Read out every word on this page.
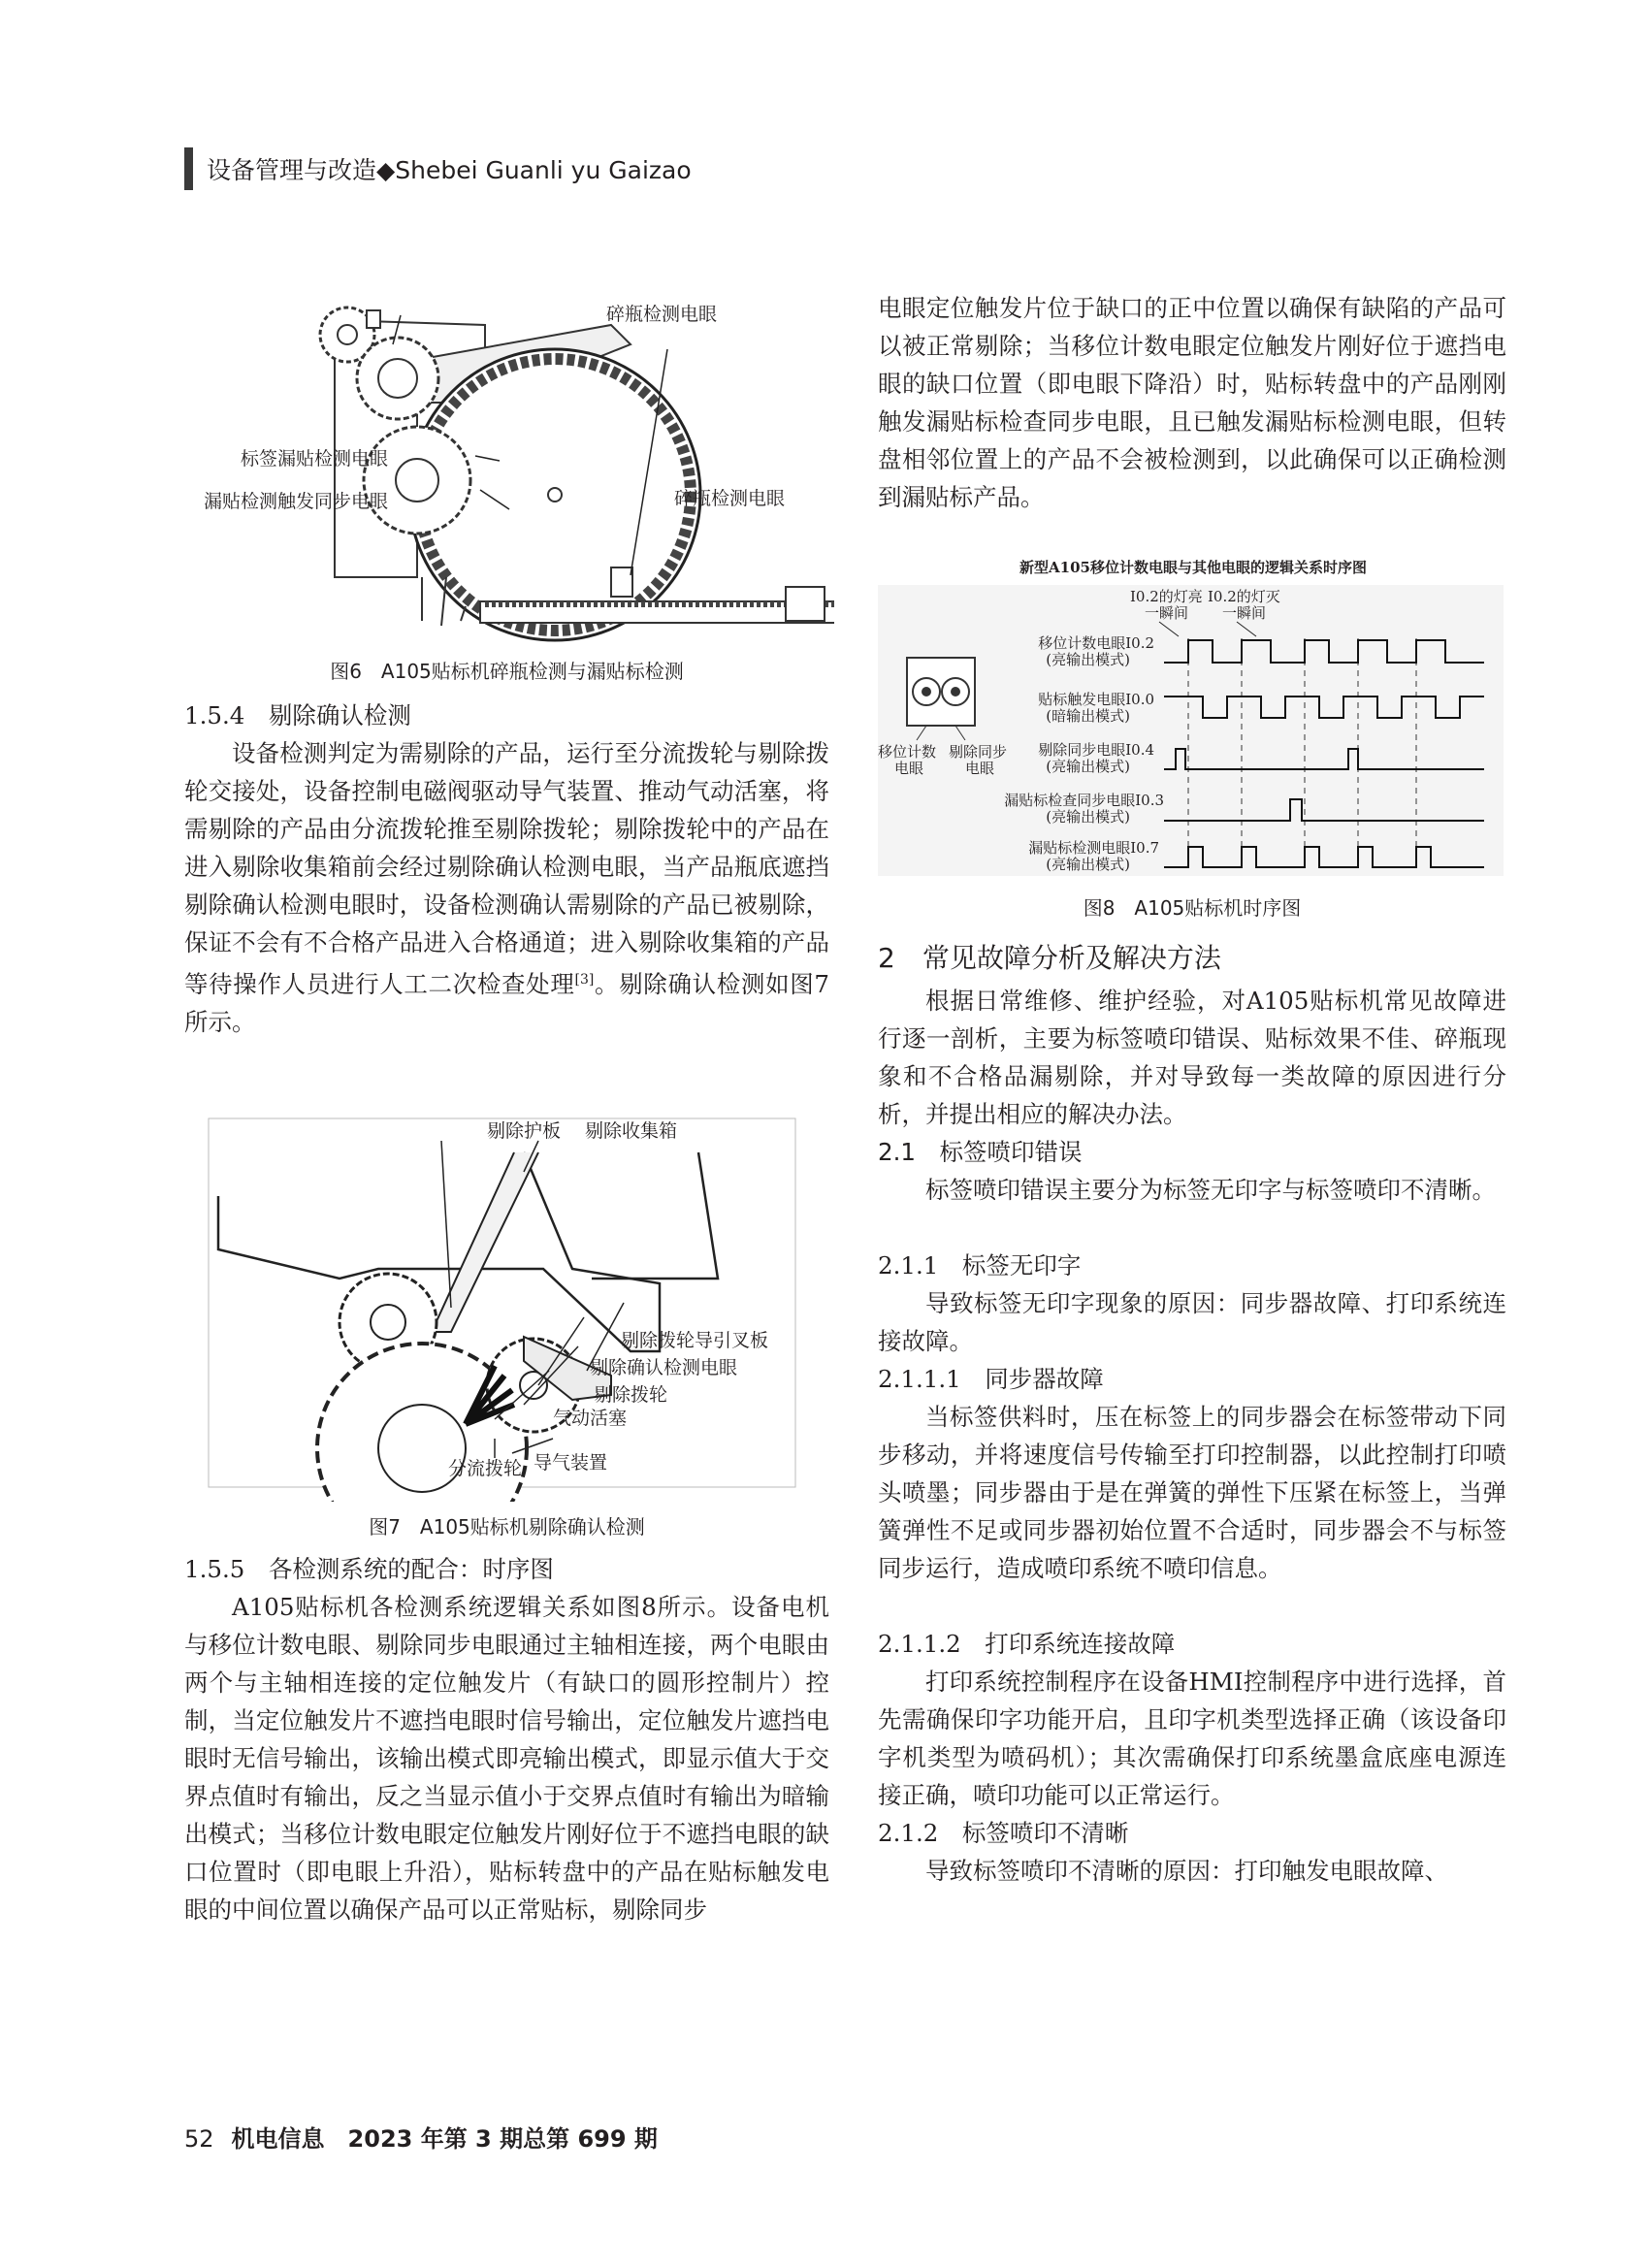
设备管理与改造◆Shebei Guanli yu Gaizao
碎瓶检测电眼
标签漏贴检测电眼
漏贴检测触发同步电眼	碎瓶检测电眼
图6　A105贴标机碎瓶检测与漏贴标检测
1.5.4　剔除确认检测

设备检测判定为需剔除的产品，运行至分流拨轮与剔除拨轮交接处，设备控制电磁阀驱动导气装置、推动气动活塞，将需剔除的产品由分流拨轮推至剔除拨轮；剔除拨轮中的产品在进入剔除收集箱前会经过剔除确认检测电眼，当产品瓶底遮挡剔除确认检测电眼时，设备检测确认需剔除的产品已被剔除，保证不会有不合格产品进入合格通道；进入剔除收集箱的产品等待操作人员进行人工二次检查处理[3]。剔除确认检测如图7所示。

剔除护板 剔除收集箱
剔除拨轮导引叉板
剔除确认检测电眼
剔除拨轮
气动活塞
分流拨轮 导气装置
图7　A105贴标机剔除确认检测
1.5.5　各检测系统的配合：时序图

A105贴标机各检测系统逻辑关系如图8所示。设备电机与移位计数电眼、剔除同步电眼通过主轴相连接，两个电眼由两个与主轴相连接的定位触发片（有缺口的圆形控制片）控制，当定位触发片不遮挡电眼时信号输出，定位触发片遮挡电眼时无信号输出，该输出模式即亮输出模式，即显示值大于交界点值时有输出，反之当显示值小于交界点值时有输出为暗输出模式；当移位计数电眼定位触发片刚好位于不遮挡电眼的缺口位置时（即电眼上升沿），贴标转盘中的产品在贴标触发电眼的中间位置以确保产品可以正常贴标，剔除同步

电眼定位触发片位于缺口的正中位置以确保有缺陷的产品可以被正常剔除；当移位计数电眼定位触发片刚好位于遮挡电眼的缺口位置（即电眼下降沿）时，贴标转盘中的产品刚刚触发漏贴标检查同步电眼，且已触发漏贴标检测电眼，但转盘相邻位置上的产品不会被检测到，以此确保可以正确检测到漏贴标产品。

新型A105移位计数电眼与其他电眼的逻辑关系时序图
I0.2的灯亮
一瞬间
I0.2的灯灭
一瞬间
移位计数电眼I0.2
(亮输出模式)
贴标触发电眼I0.0
(暗输出模式)
剔除同步电眼I0.4
(亮输出模式)
漏贴标检查同步电眼I0.3
(亮输出模式)
漏贴标检测电眼I0.7
(亮输出模式)
移位计数
电眼
剔除同步
电眼
图8　A105贴标机时序图
2　常见故障分析及解决方法

根据日常维修、维护经验，对A105贴标机常见故障进行逐一剖析，主要为标签喷印错误、贴标效果不佳、碎瓶现象和不合格品漏剔除，并对导致每一类故障的原因进行分析，并提出相应的解决办法。

2.1　标签喷印错误

标签喷印错误主要分为标签无印字与标签喷印不清晰。

2.1.1　标签无印字

导致标签无印字现象的原因：同步器故障、打印系统连接故障。

2.1.1.1　同步器故障

当标签供料时，压在标签上的同步器会在标签带动下同步移动，并将速度信号传输至打印控制器，以此控制打印喷头喷墨；同步器由于是在弹簧的弹性下压紧在标签上，当弹簧弹性不足或同步器初始位置不合适时，同步器会不与标签同步运行，造成喷印系统不喷印信息。

2.1.1.2　打印系统连接故障

打印系统控制程序在设备HMI控制程序中进行选择，首先需确保印字功能开启，且印字机类型选择正确（该设备印字机类型为喷码机）；其次需确保打印系统墨盒底座电源连接正确，喷印功能可以正常运行。

2.1.2　标签喷印不清晰

导致标签喷印不清晰的原因：打印触发电眼故障、

52 机电信息　2023 年第 3 期总第 699 期
